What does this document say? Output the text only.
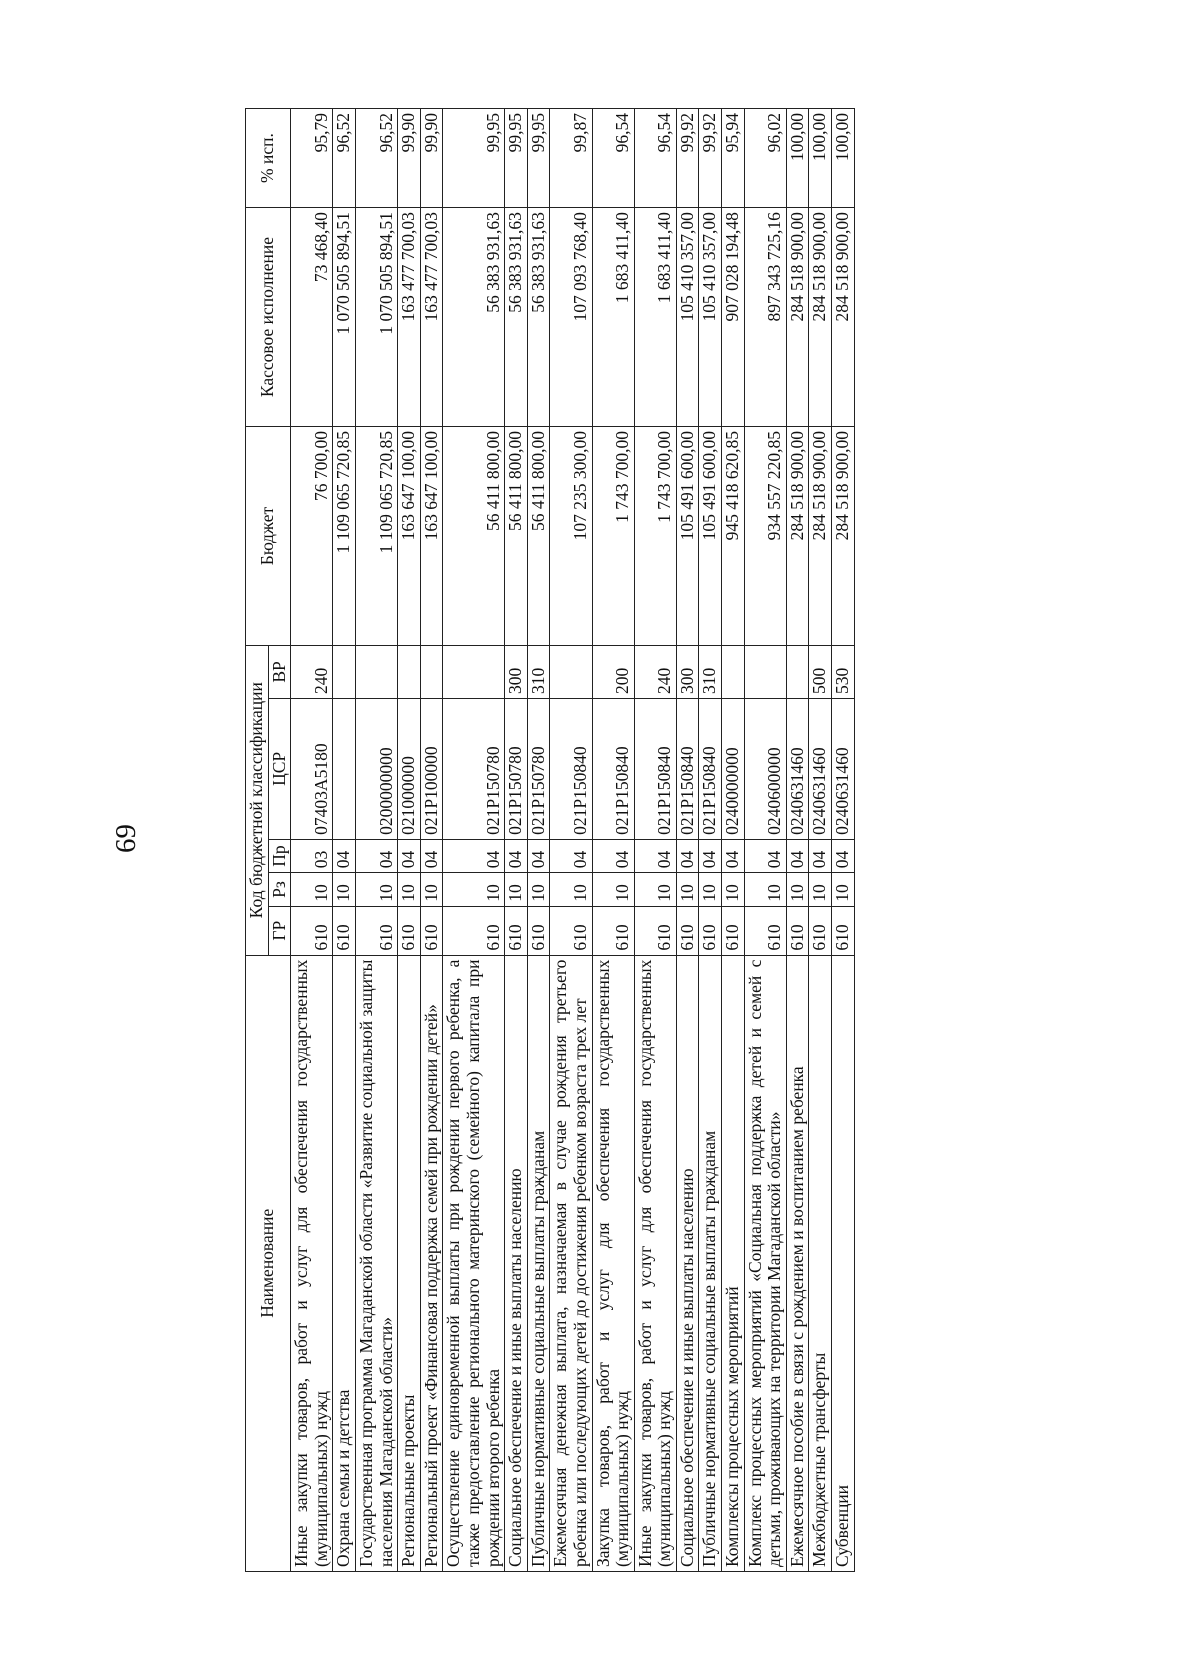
69
Наименование	Код бюджетной классификации					Бюджет	Кассовое исполнение	% исп.
	ГР	Рз	Пр	ЦСР	ВР			
Иные закупки товаров, работ и услуг для обеспечения государственных (муниципальных) нужд	610	10	03	07403А5180	240	76 700,00	73 468,40	95,79
Охрана семьи и детства	610	10	04			1 109 065 720,85	1 070 505 894,51	96,52
Государственная программа Магаданской области «Развитие социальной защиты населения Магаданской области»	610	10	04	0200000000		1 109 065 720,85	1 070 505 894,51	96,52
Региональные проекты	610	10	04	021000000		163 647 100,00	163 477 700,03	99,90
Региональный проект «Финансовая поддержка семей при рождении детей»	610	10	04	021Р100000		163 647 100,00	163 477 700,03	99,90
Осуществление единовременной выплаты при рождении первого ребенка, а также предоставление регионального материнского (семейного) капитала при рождении второго ребенка	610	10	04	021Р150780		56 411 800,00	56 383 931,63	99,95
Социальное обеспечение и иные выплаты населению	610	10	04	021Р150780	300	56 411 800,00	56 383 931,63	99,95
Публичные нормативные социальные выплаты гражданам	610	10	04	021Р150780	310	56 411 800,00	56 383 931,63	99,95
Ежемесячная денежная выплата, назначаемая в случае рождения третьего ребенка или последующих детей до достижения ребенком возраста трех лет	610	10	04	021Р150840		107 235 300,00	107 093 768,40	99,87
Закупка товаров, работ и услуг для обеспечения государственных (муниципальных) нужд	610	10	04	021Р150840	200	1 743 700,00	1 683 411,40	96,54
Иные закупки товаров, работ и услуг для обеспечения государственных (муниципальных) нужд	610	10	04	021Р150840	240	1 743 700,00	1 683 411,40	96,54
Социальное обеспечение и иные выплаты населению	610	10	04	021Р150840	300	105 491 600,00	105 410 357,00	99,92
Публичные нормативные социальные выплаты гражданам	610	10	04	021Р150840	310	105 491 600,00	105 410 357,00	99,92
Комплексы процессных мероприятий	610	10	04	0240000000		945 418 620,85	907 028 194,48	95,94
Комплекс процессных мероприятий «Социальная поддержка детей и семей с детьми, проживающих на территории Магаданской области»	610	10	04	0240600000		934 557 220,85	897 343 725,16	96,02
Ежемесячное пособие в связи с рождением и воспитанием ребенка	610	10	04	0240631460		284 518 900,00	284 518 900,00	100,00
Межбюджетные трансферты	610	10	04	0240631460	500	284 518 900,00	284 518 900,00	100,00
Субвенции	610	10	04	0240631460	530	284 518 900,00	284 518 900,00	100,00
